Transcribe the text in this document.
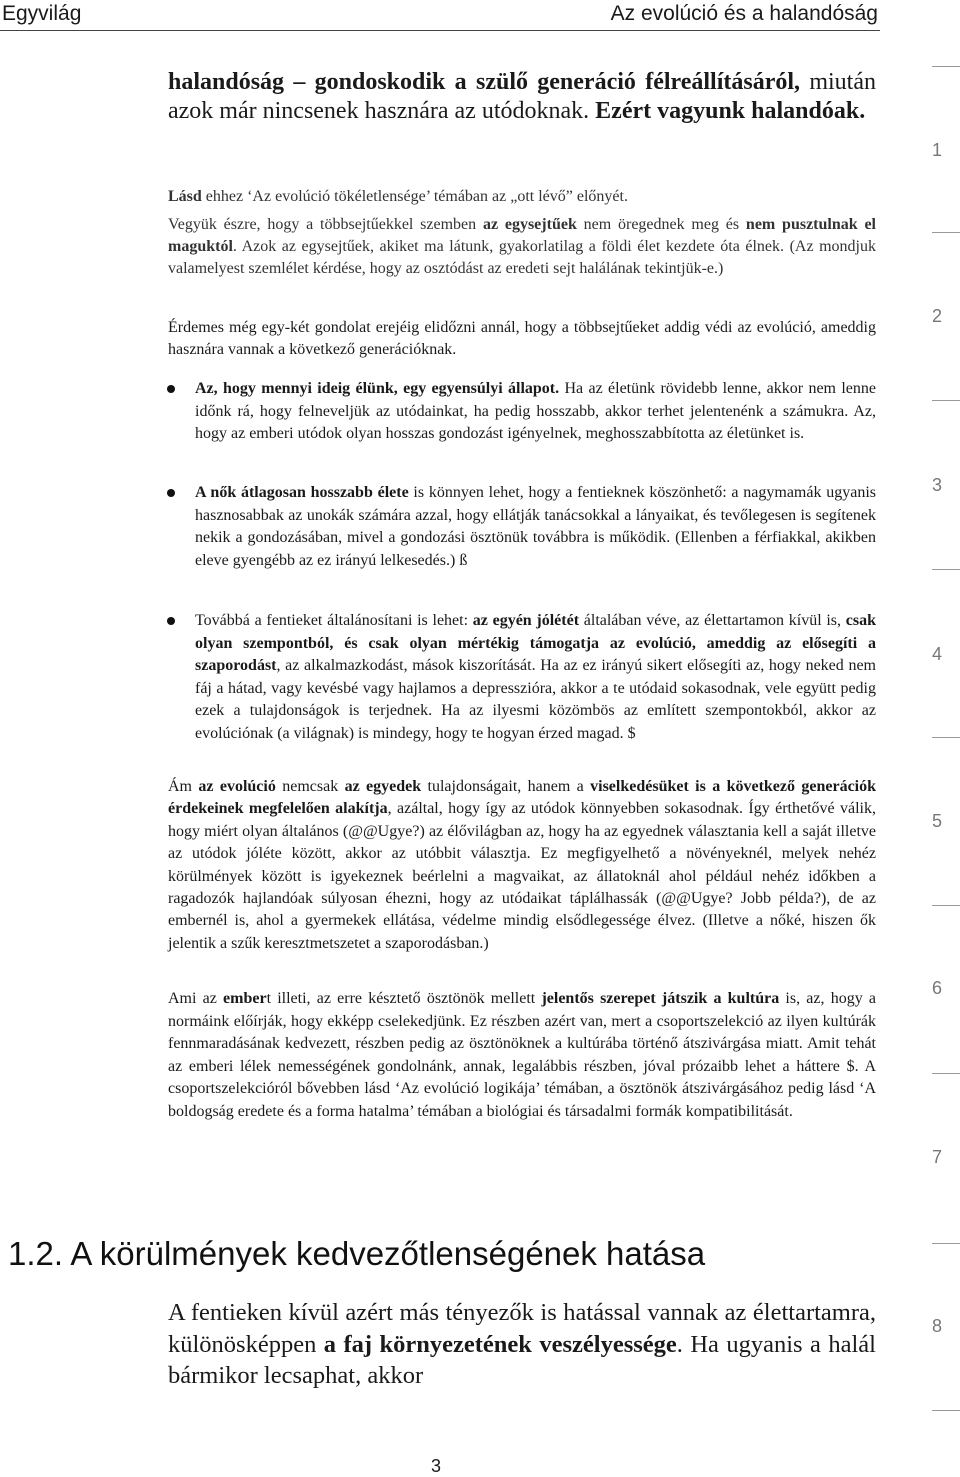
Egyvilág	Az evolúció és a halandóság

halandóság – gondoskodik a szülő generáció félreállításáról, miután azok már nincsenek hasznára az utódoknak. Ezért vagyunk halandóak.

Lásd ehhez ‘Az evolúció tökéletlensége’ témában az „ott lévő” előnyét.

Vegyük észre, hogy a többsejtűekkel szemben az egysejtűek nem öregednek meg és nem pusztulnak el maguktól. Azok az egysejtűek, akiket ma látunk, gyakorlatilag a földi élet kezdete óta élnek. (Az mondjuk valamelyest szemlélet kérdése, hogy az osztódást az eredeti sejt halálának tekintjük-e.)

Érdemes még egy-két gondolat erejéig elidőzni annál, hogy a többsejtűeket addig védi az evolúció, ameddig hasznára vannak a következő generációknak.

Az, hogy mennyi ideig élünk, egy egyensúlyi állapot. Ha az életünk rövidebb lenne, akkor nem lenne időnk rá, hogy felneveljük az utódainkat, ha pedig hosszabb, akkor terhet jelentenénk a számukra. Az, hogy az emberi utódok olyan hosszas gondozást igényelnek, meghosszabbította az életünket is.
A nők átlagosan hosszabb élete is könnyen lehet, hogy a fentieknek köszönhető: a nagymamák ugyanis hasznosabbak az unokák számára azzal, hogy ellátják tanácsokkal a lányaikat, és tevőlegesen is segítenek nekik a gondozásában, mivel a gondozási ösztönük továbbra is működik. (Ellenben a férfiakkal, akikben eleve gyengébb az ez irányú lelkesedés.) ß
Továbbá a fentieket általánosítani is lehet: az egyén jólétét általában véve, az élettartamon kívül is, csak olyan szempontból, és csak olyan mértékig támogatja az evolúció, ameddig az elősegíti a szaporodást, az alkalmazkodást, mások kiszorítását. Ha az ez irányú sikert elősegíti az, hogy neked nem fáj a hátad, vagy kevésbé vagy hajlamos a depresszióra, akkor a te utódaid sokasodnak, vele együtt pedig ezek a tulajdonságok is terjednek. Ha az ilyesmi közömbös az említett szempontokból, akkor az evolúciónak (a világnak) is mindegy, hogy te hogyan érzed magad. $

Ám az evolúció nemcsak az egyedek tulajdonságait, hanem a viselkedésüket is a következő generációk érdekeinek megfelelően alakítja, azáltal, hogy így az utódok könnyebben sokasodnak. Így érthetővé válik, hogy miért olyan általános (@@Ugye?) az élővilágban az, hogy ha az egyednek választania kell a saját illetve az utódok jóléte között, akkor az utóbbit választja. Ez megfigyelhető a növényeknél, melyek nehéz körülmények között is igyekeznek beérlelni a magvaikat, az állatoknál ahol például nehéz időkben a ragadozók hajlandóak súlyosan éhezni, hogy az utódaikat táplálhassák (@@Ugye? Jobb példa?), de az embernél is, ahol a gyermekek ellátása, védelme mindig elsődlegessége élvez. (Illetve a nőké, hiszen ők jelentik a szűk keresztmetszetet a szaporodásban.)

Ami az embert illeti, az erre késztető ösztönök mellett jelentős szerepet játszik a kultúra is, az, hogy a normáink előírják, hogy ekképp cselekedjünk. Ez részben azért van, mert a csoportszelekció az ilyen kultúrák fennmaradásának kedvezett, részben pedig az ösztönöknek a kultúrába történő átszivárgása miatt. Amit tehát az emberi lélek nemességének gondolnánk, annak, legalábbis részben, jóval prózaibb lehet a háttere $. A csoportszelekcióról bővebben lásd ‘Az evolúció logikája’ témában, a ösztönök átszivárgásához pedig lásd ‘A boldogság eredete és a forma hatalma’ témában a biológiai és társadalmi formák kompatibilitását.

1.2. A körülmények kedvezőtlenségének hatása

A fentieken kívül azért más tényezők is hatással vannak az élettartamra, különösképpen a faj környezetének veszélyessége. Ha ugyanis a halál bármikor lecsaphat, akkor

3
1
2
3
4
5
6
7
8
